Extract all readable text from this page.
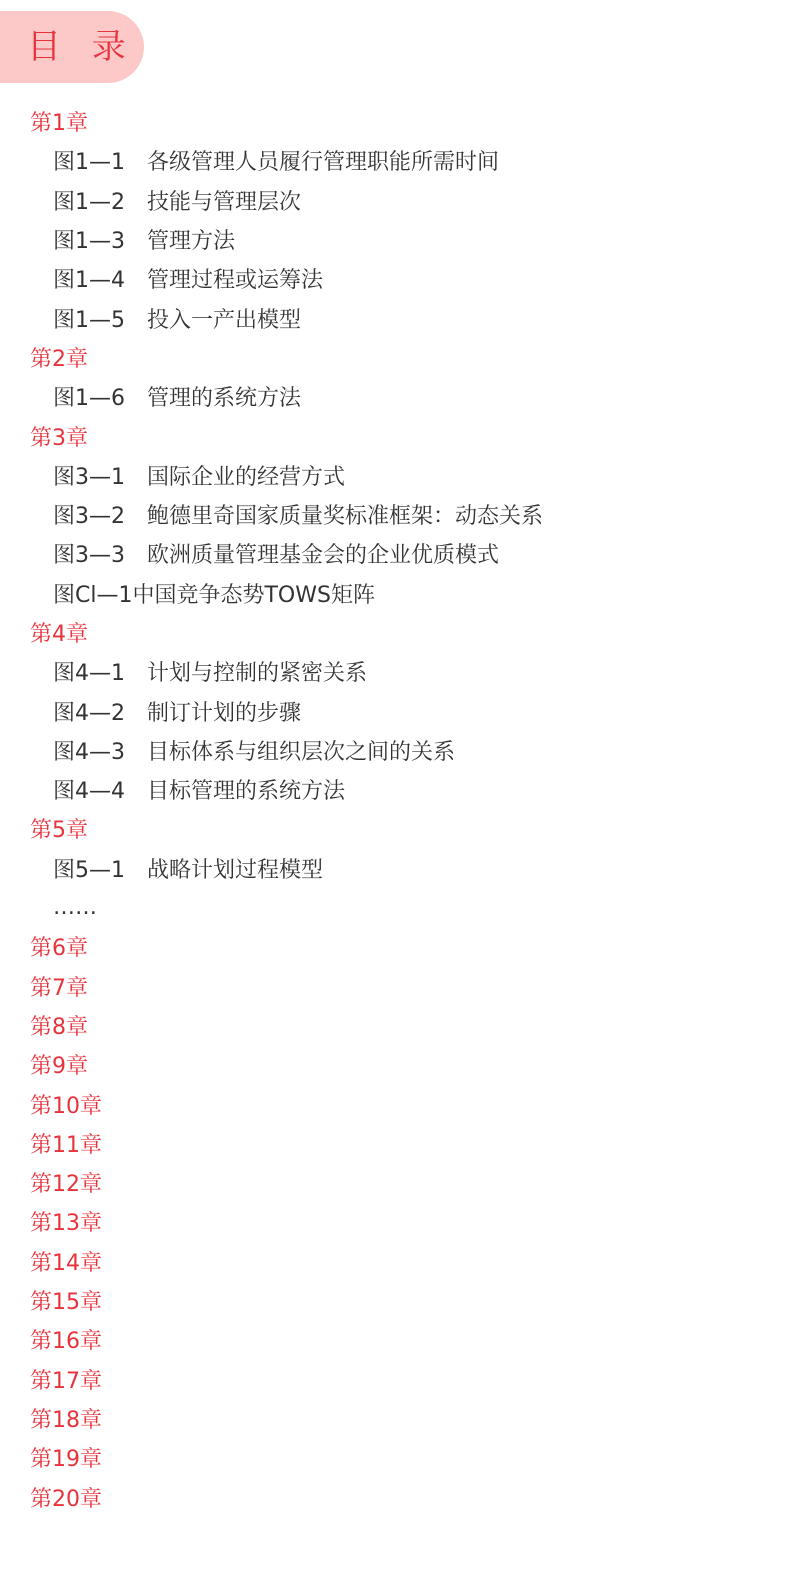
目 录
第1章
图1—1	各级管理人员履行管理职能所需时间
图1—2	技能与管理层次
图1—3	管理方法
图1—4	管理过程或运筹法
图1—5	投入一产出模型
第2章
图1—6	管理的系统方法
第3章
图3—1	国际企业的经营方式
图3—2	鲍德里奇国家质量奖标准框架：动态关系
图3—3	欧洲质量管理基金会的企业优质模式
图Cl—1 中国竞争态势TOWS矩阵
第4章
图4—1	计划与控制的紧密关系
图4—2	制订计划的步骤
图4—3	目标体系与组织层次之间的关系
图4—4	目标管理的系统方法
第5章
图5—1	战略计划过程模型
……
第6章
第7章
第8章
第9章
第10章
第11章
第12章
第13章
第14章
第15章
第16章
第17章
第18章
第19章
第20章
